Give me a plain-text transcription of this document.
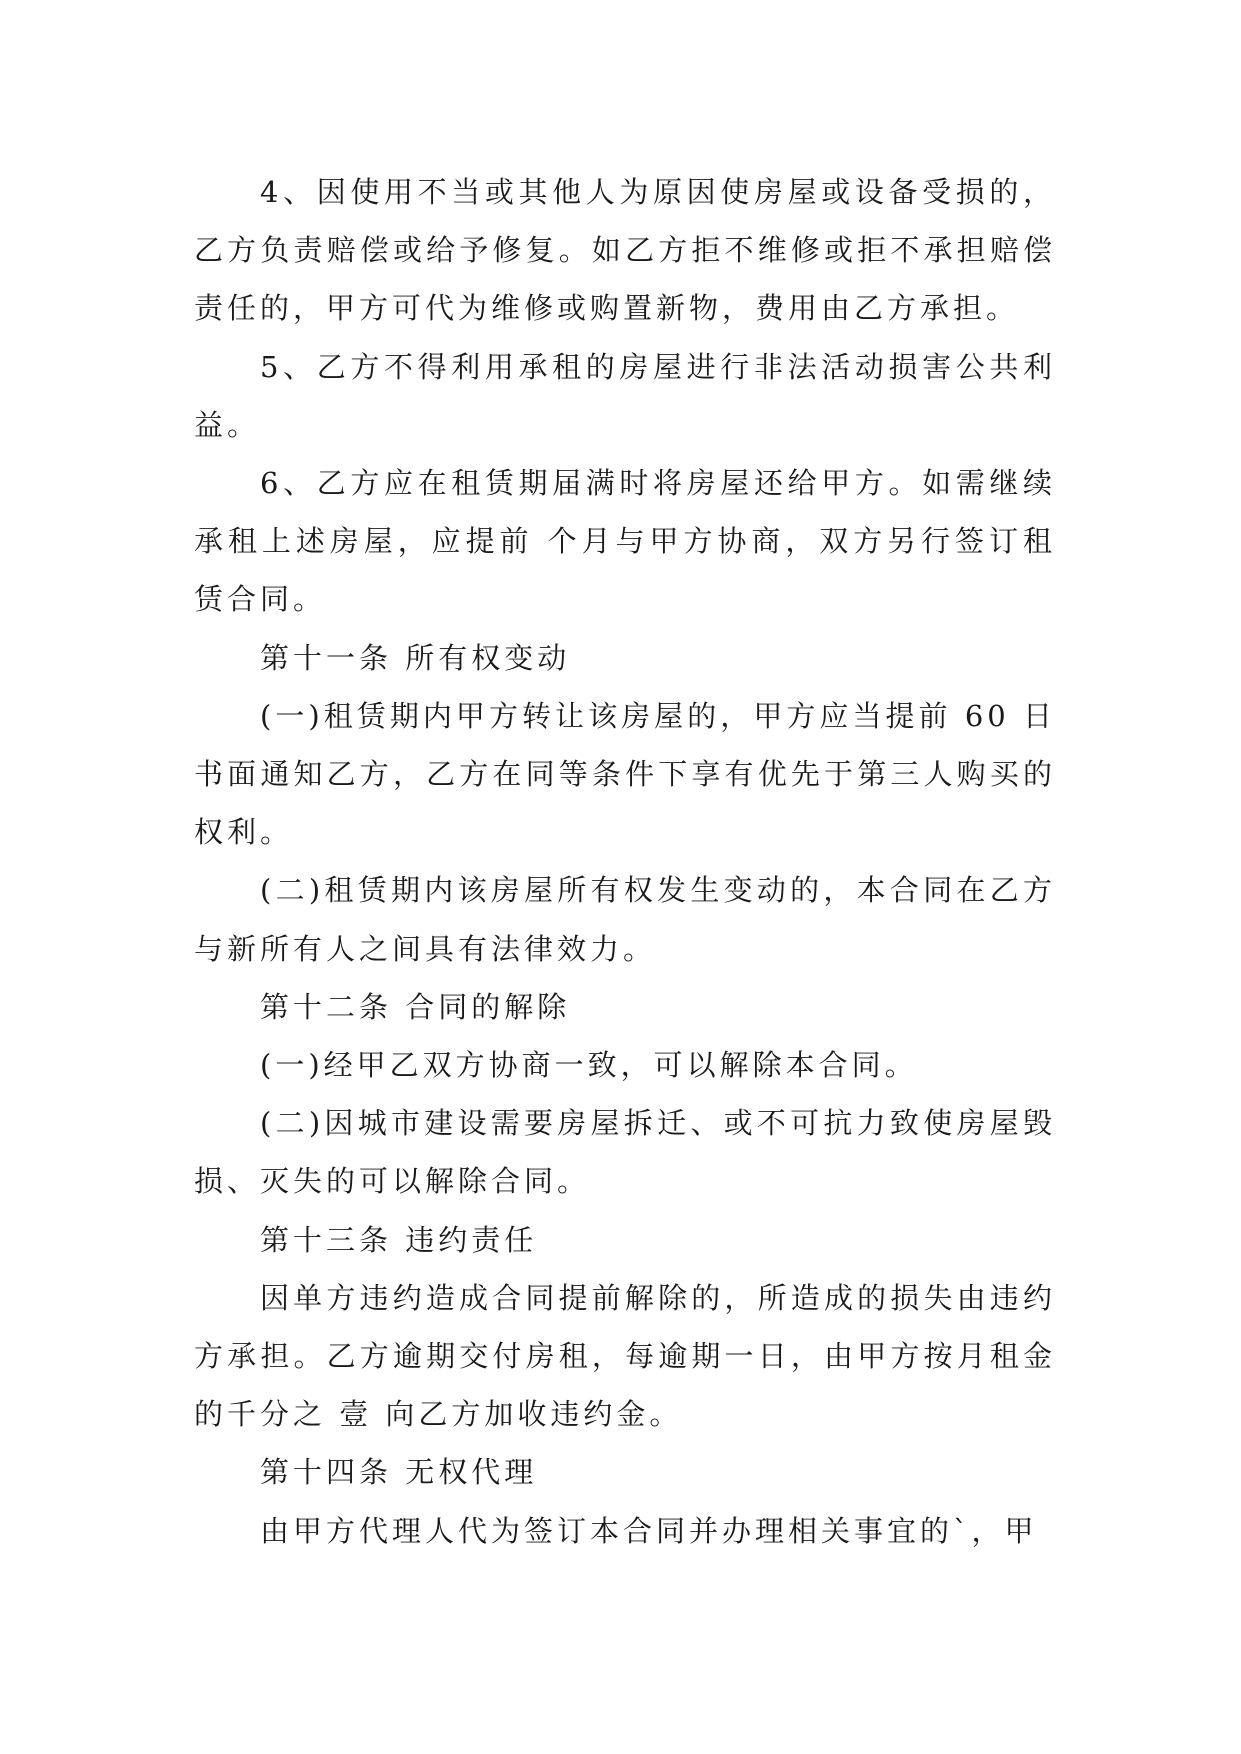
4、因使用不当或其他人为原因使房屋或设备受损的，乙方负责赔偿或给予修复。如乙方拒不维修或拒不承担赔偿责任的，甲方可代为维修或购置新物，费用由乙方承担。

5、乙方不得利用承租的房屋进行非法活动损害公共利益。

6、乙方应在租赁期届满时将房屋还给甲方。如需继续承租上述房屋，应提前 个月与甲方协商，双方另行签订租赁合同。

第十一条 所有权变动

(一)租赁期内甲方转让该房屋的，甲方应当提前 60 日书面通知乙方，乙方在同等条件下享有优先于第三人购买的权利。

(二)租赁期内该房屋所有权发生变动的，本合同在乙方与新所有人之间具有法律效力。

第十二条 合同的解除

(一)经甲乙双方协商一致，可以解除本合同。

(二)因城市建设需要房屋拆迁、或不可抗力致使房屋毁损、灭失的可以解除合同。

第十三条 违约责任

因单方违约造成合同提前解除的，所造成的损失由违约方承担。乙方逾期交付房租，每逾期一日，由甲方按月租金的千分之 壹 向乙方加收违约金。

第十四条 无权代理

由甲方代理人代为签订本合同并办理相关事宜的`，甲
